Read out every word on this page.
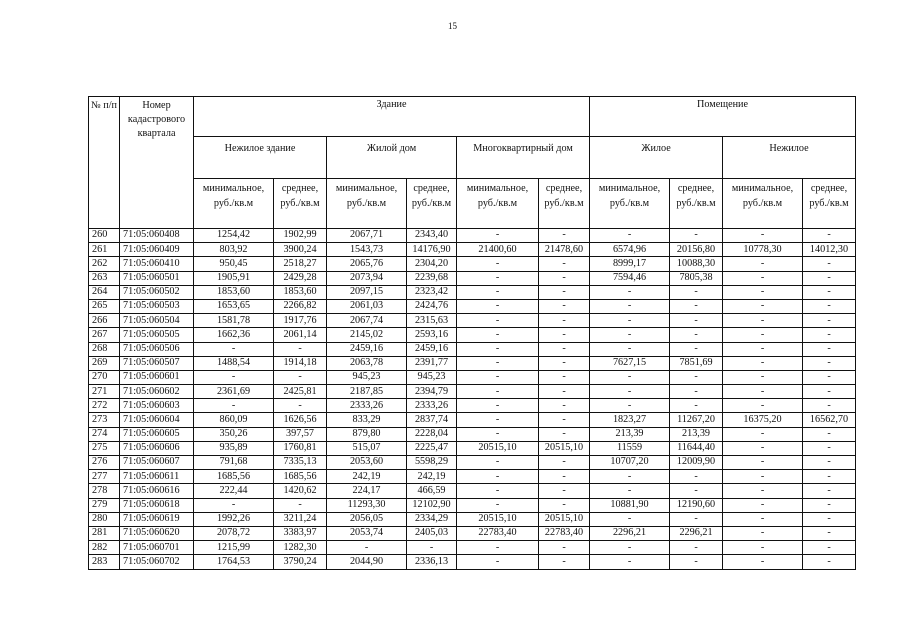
15
№ п/п	Номер кадастрового квартала	Здание						Помещение			
		Нежилое здание		Жилой дом		Многоквартирный дом		Жилое		Нежилое	
		минимальное, руб./кв.м	среднее, руб./кв.м	минимальное, руб./кв.м	среднее, руб./кв.м	минимальное, руб./кв.м	среднее, руб./кв.м	минимальное, руб./кв.м	среднее, руб./кв.м	минимальное, руб./кв.м	среднее, руб./кв.м

260	71:05:060408	1254,42	1902,99	2067,71	2343,40	-	-	-	-	-	-
261	71:05:060409	803,92	3900,24	1543,73	14176,90	21400,60	21478,60	6574,96	20156,80	10778,30	14012,30
262	71:05:060410	950,45	2518,27	2065,76	2304,20	-	-	8999,17	10088,30	-	-
263	71:05:060501	1905,91	2429,28	2073,94	2239,68	-	-	7594,46	7805,38	-	-
264	71:05:060502	1853,60	1853,60	2097,15	2323,42	-	-	-	-	-	-
265	71:05:060503	1653,65	2266,82	2061,03	2424,76	-	-	-	-	-	-
266	71:05:060504	1581,78	1917,76	2067,74	2315,63	-	-	-	-	-	-
267	71:05:060505	1662,36	2061,14	2145,02	2593,16	-	-	-	-	-	-
268	71:05:060506	-	-	2459,16	2459,16	-	-	-	-	-	-
269	71:05:060507	1488,54	1914,18	2063,78	2391,77	-	-	7627,15	7851,69	-	-
270	71:05:060601	-	-	945,23	945,23	-	-	-	-	-	-
271	71:05:060602	2361,69	2425,81	2187,85	2394,79	-	-	-	-	-	-
272	71:05:060603	-	-	2333,26	2333,26	-	-	-	-	-	-
273	71:05:060604	860,09	1626,56	833,29	2837,74	-	-	1823,27	11267,20	16375,20	16562,70
274	71:05:060605	350,26	397,57	879,80	2228,04	-	-	213,39	213,39	-	-
275	71:05:060606	935,89	1760,81	515,07	2225,47	20515,10	20515,10	11559	11644,40	-	-
276	71:05:060607	791,68	7335,13	2053,60	5598,29	-	-	10707,20	12009,90	-	-
277	71:05:060611	1685,56	1685,56	242,19	242,19	-	-	-	-	-	-
278	71:05:060616	222,44	1420,62	224,17	466,59	-	-	-	-	-	-
279	71:05:060618	-	-	11293,30	12102,90	-	-	10881,90	12190,60	-	-
280	71:05:060619	1992,26	3211,24	2056,05	2334,29	20515,10	20515,10	-	-	-	-
281	71:05:060620	2078,72	3383,97	2053,74	2405,03	22783,40	22783,40	2296,21	2296,21	-	-
282	71:05:060701	1215,99	1282,30	-	-	-	-	-	-	-	-
283	71:05:060702	1764,53	3790,24	2044,90	2336,13	-	-	-	-	-	-
